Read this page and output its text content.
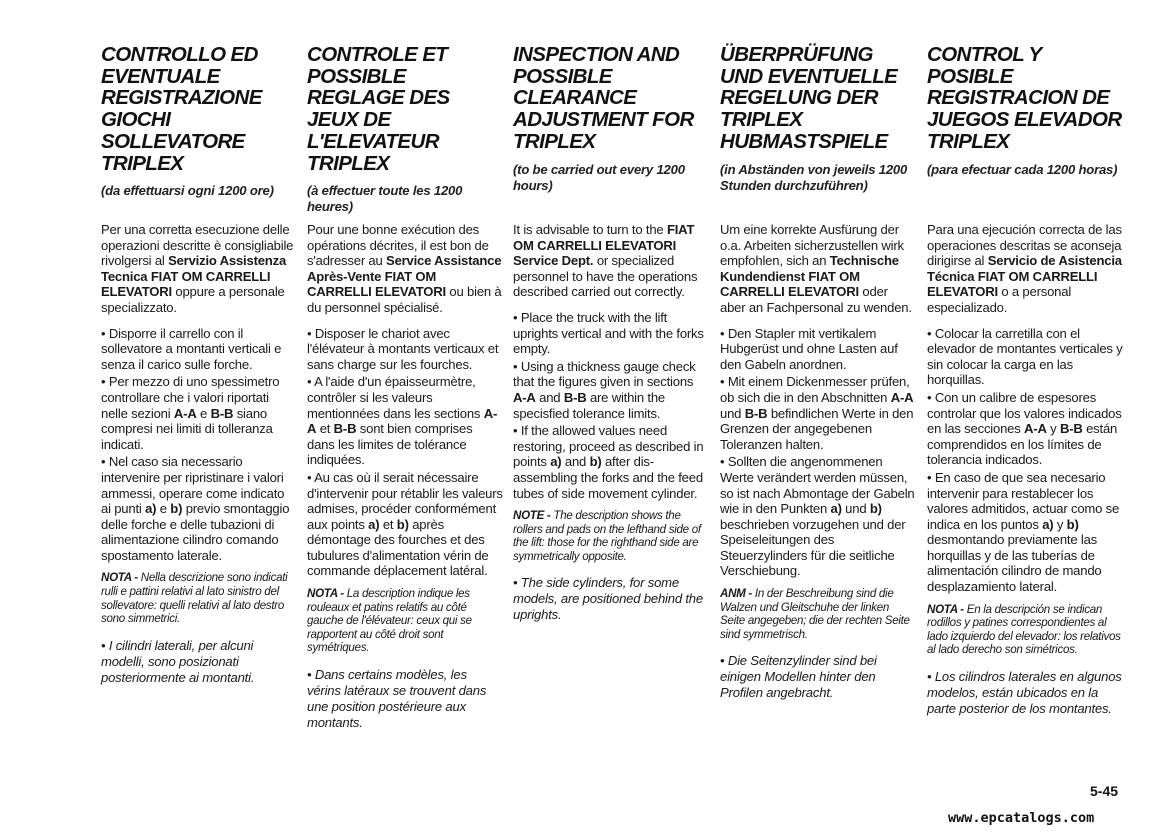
CONTROLLO ED EVENTUALE REGISTRAZIONE GIOCHI SOLLEVATORE TRIPLEX
(da effettuarsi ogni 1200 ore)

Per una corretta esecuzione delle operazioni descritte è consigliabile rivolgersi al Servizio Assistenza Tecnica FIAT OM CARRELLI ELEVATORI oppure a personale specializzato.

• Disporre il carrello con il sollevatore a montanti verticali e senza il carico sulle forche.

• Per mezzo di uno spessimetro controllare che i valori riportati nelle sezioni A-A e B-B siano compresi nei limiti di tolleranza indicati.

• Nel caso sia necessario intervenire per ripristinare i valori ammessi, operare come indicato ai punti a) e b) previo smontaggio delle forche e delle tubazioni di alimentazione cilindro comando spostamento laterale.

NOTA - Nella descrizione sono indicati rulli e pattini relativi al lato sinistro del sollevatore: quelli relativi al lato destro sono simmetrici.

• I cilindri laterali, per alcuni modelli, sono posizionati posteriormente ai montanti.

CONTROLE ET POSSIBLE REGLAGE DES JEUX DE L'ELEVATEUR TRIPLEX
(à effectuer toute les 1200 heures)

Pour une bonne exécution des opérations décrites, il est bon de s'adresser au Service Assistance Après-Vente FIAT OM CARRELLI ELEVATORI ou bien à du personnel spécialisé.

• Disposer le chariot avec l'élévateur à montants verticaux et sans charge sur les fourches.

• A l'aide d'un épaisseurmètre, contrôler si les valeurs mentionnées dans les sections A-A et B-B sont bien comprises dans les limites de tolérance indiquées.

• Au cas où il serait nécessaire d'intervenir pour rétablir les valeurs admises, procéder conformément aux points a) et b) après démontage des fourches et des tubulures d'alimentation vérin de commande déplacement latéral.

NOTA - La description indique les rouleaux et patins relatifs au côté gauche de l'élévateur: ceux qui se rapportent au côté droit sont symétriques.

• Dans certains modèles, les vérins latéraux se trouvent dans une position postérieure aux montants.

INSPECTION AND POSSIBLE CLEARANCE ADJUSTMENT FOR TRIPLEX
(to be carried out every 1200 hours)

It is advisable to turn to the FIAT OM CARRELLI ELEVATORI Service Dept. or specialized personnel to have the operations described carried out correctly.

• Place the truck with the lift uprights vertical and with the forks empty.

• Using a thickness gauge check that the figures given in sections A-A and B-B are within the specisfied tolerance limits.

• If the allowed values need restoring, proceed as described in points a) and b) after dis-assembling the forks and the feed tubes of side movement cylinder.

NOTE - The description shows the rollers and pads on the lefthand side of the lift: those for the righthand side are symmetrically opposite.

• The side cylinders, for some models, are positioned behind the uprights.

ÜBERPRÜFUNG UND EVENTUELLE REGELUNG DER TRIPLEX HUBMASTSPIELE
(in Abständen von jeweils 1200 Stunden durchzuführen)

Um eine korrekte Ausfürung der o.a. Arbeiten sicherzustellen wirk empfohlen, sich an Technische Kundendienst FIAT OM CARRELLI ELEVATORI oder aber an Fachpersonal zu wenden.

• Den Stapler mit vertikalem Hubgerüst und ohne Lasten auf den Gabeln anordnen.

• Mit einem Dickenmesser prüfen, ob sich die in den Abschnitten A-A und B-B befindlichen Werte in den Grenzen der angegebenen Toleranzen halten.

• Sollten die angenommenen Werte verändert werden müssen, so ist nach Abmontage der Gabeln wie in den Punkten a) und b) beschrieben vorzugehen und der Speiseleitungen des Steuerzylinders für die seitliche Verschiebung.

ANM - In der Beschreibung sind die Walzen und Gleitschuhe der linken Seite angegeben; die der rechten Seite sind symmetrisch.

• Die Seitenzylinder sind bei einigen Modellen hinter den Profilen angebracht.

CONTROL Y POSIBLE REGISTRACION DE JUEGOS ELEVADOR TRIPLEX
(para efectuar cada 1200 horas)

Para una ejecución correcta de las operaciones descritas se aconseja dirigirse al Servicio de Asistencia Técnica FIAT OM CARRELLI ELEVATORI o a personal especializado.

• Colocar la carretilla con el elevador de montantes verticales y sin colocar la carga en las horquillas.

• Con un calibre de espesores controlar que los valores indicados en las secciones A-A y B-B están comprendidos en los límites de tolerancia indicados.

• En caso de que sea necesario intervenir para restablecer los valores admitidos, actuar como se indica en los puntos a) y b) desmontando previamente las horquillas y de las tuberías de alimentación cilindro de mando desplazamiento lateral.

NOTA - En la descripción se indican rodillos y patines correspondientes al lado izquierdo del elevador: los relativos al lado derecho son simétricos.

• Los cilindros laterales en algunos modelos, están ubicados en la parte posterior de los montantes.

5-45
www.epcatalogs.com
